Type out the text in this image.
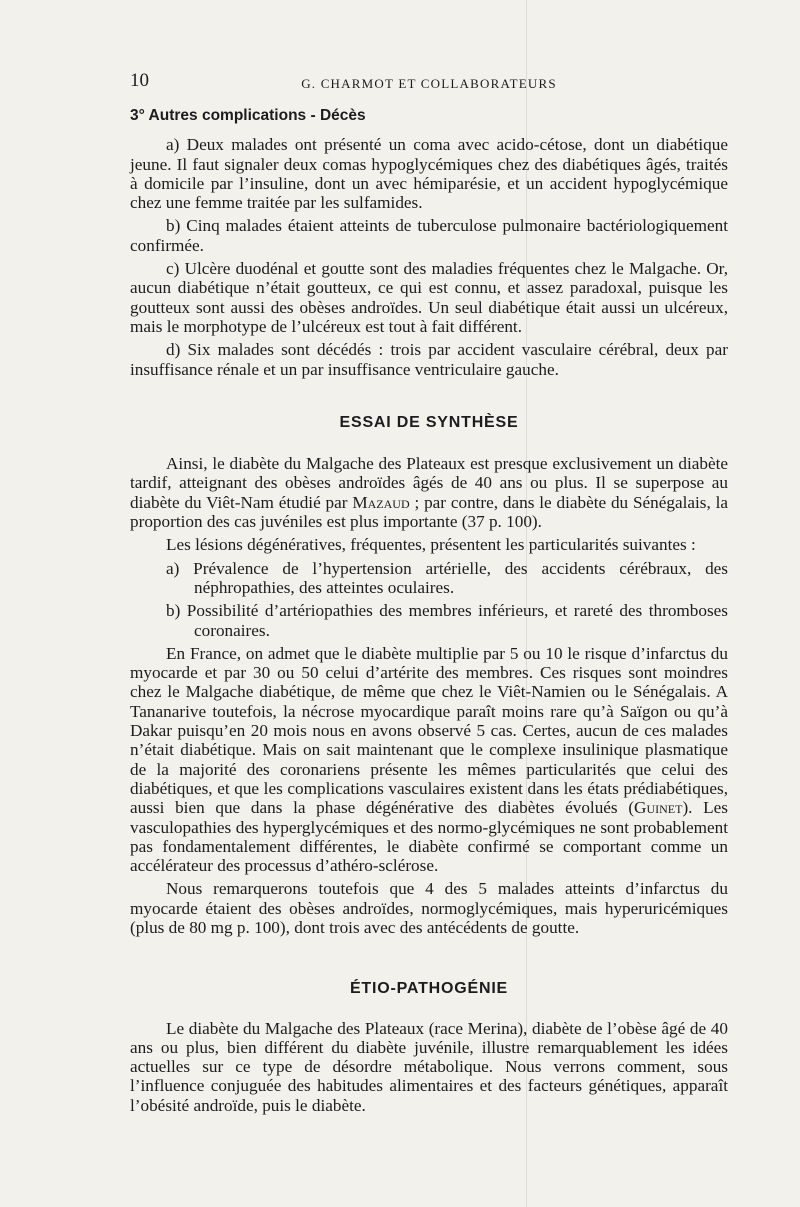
10	G. CHARMOT ET COLLABORATEURS
3° Autres complications - Décès

a) Deux malades ont présenté un coma avec acido-cétose, dont un diabétique jeune. Il faut signaler deux comas hypoglycémiques chez des diabétiques âgés, traités à domicile par l’insuline, dont un avec hémiparésie, et un accident hypoglycémique chez une femme traitée par les sulfamides.

b) Cinq malades étaient atteints de tuberculose pulmonaire bactériologiquement confirmée.

c) Ulcère duodénal et goutte sont des maladies fréquentes chez le Malgache. Or, aucun diabétique n’était goutteux, ce qui est connu, et assez paradoxal, puisque les goutteux sont aussi des obèses androïdes. Un seul diabétique était aussi un ulcéreux, mais le morphotype de l’ulcéreux est tout à fait différent.

d) Six malades sont décédés : trois par accident vasculaire cérébral, deux par insuffisance rénale et un par insuffisance ventriculaire gauche.

ESSAI DE SYNTHÈSE

Ainsi, le diabète du Malgache des Plateaux est presque exclusivement un diabète tardif, atteignant des obèses androïdes âgés de 40 ans ou plus. Il se superpose au diabète du Viêt-Nam étudié par Mazaud ; par contre, dans le diabète du Sénégalais, la proportion des cas juvéniles est plus importante (37 p. 100).

Les lésions dégénératives, fréquentes, présentent les particularités suivantes :

a) Prévalence de l’hypertension artérielle, des accidents cérébraux, des néphropathies, des atteintes oculaires.

b) Possibilité d’artériopathies des membres inférieurs, et rareté des thromboses coronaires.

En France, on admet que le diabète multiplie par 5 ou 10 le risque d’infarctus du myocarde et par 30 ou 50 celui d’artérite des membres. Ces risques sont moindres chez le Malgache diabétique, de même que chez le Viêt-Namien ou le Sénégalais. A Tananarive toutefois, la nécrose myocardique paraît moins rare qu’à Saïgon ou qu’à Dakar puisqu’en 20 mois nous en avons observé 5 cas. Certes, aucun de ces malades n’était diabétique. Mais on sait maintenant que le complexe insulinique plasmatique de la majorité des coronariens présente les mêmes particularités que celui des diabétiques, et que les complications vasculaires existent dans les états prédiabétiques, aussi bien que dans la phase dégénérative des diabètes évolués (Guinet). Les vasculopathies des hyperglycémiques et des normo-glycémiques ne sont probablement pas fondamentalement différentes, le diabète confirmé se comportant comme un accélérateur des processus d’athéro-sclérose.

Nous remarquerons toutefois que 4 des 5 malades atteints d’infarctus du myocarde étaient des obèses androïdes, normoglycémiques, mais hyperuricémiques (plus de 80 mg p. 100), dont trois avec des antécédents de goutte.

ÉTIO-PATHOGÉNIE

Le diabète du Malgache des Plateaux (race Merina), diabète de l’obèse âgé de 40 ans ou plus, bien différent du diabète juvénile, illustre remarquablement les idées actuelles sur ce type de désordre métabolique. Nous verrons comment, sous l’influence conjuguée des habitudes alimentaires et des facteurs génétiques, apparaît l’obésité androïde, puis le diabète.
